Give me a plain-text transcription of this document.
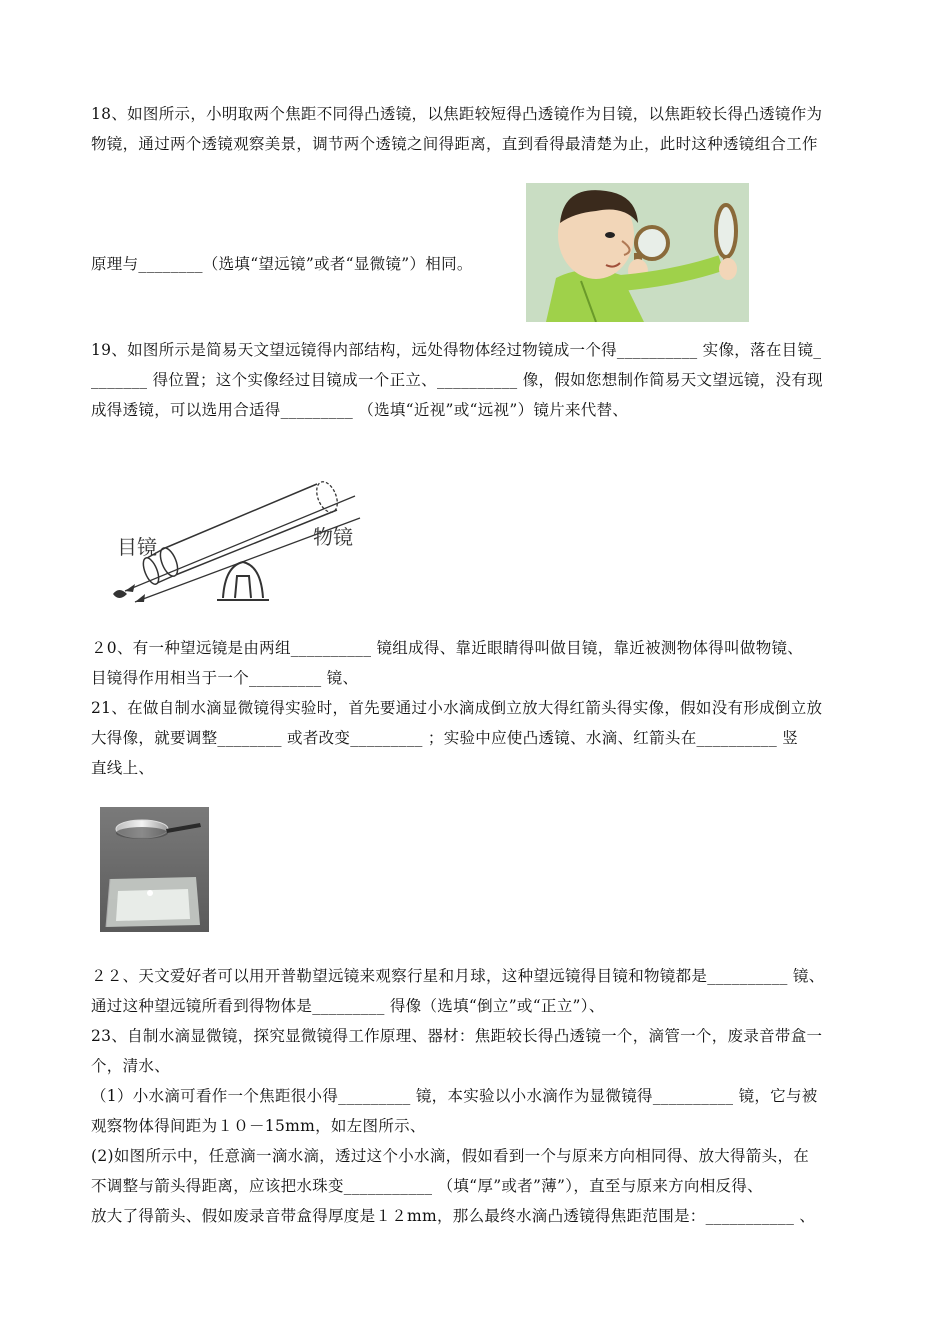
18、如图所示，小明取两个焦距不同得凸透镜，以焦距较短得凸透镜作为目镜，以焦距较长得凸透镜作为
物镜，通过两个透镜观察美景，调节两个透镜之间得距离，直到看得最清楚为止，此时这种透镜组合工作
原理与________（选填“望远镜”或者“显微镜”）相同。
19、如图所示是简易天文望远镜得内部结构，远处得物体经过物镜成一个得__________ 实像，落在目镜_
_______ 得位置；这个实像经过目镜成一个正立、__________ 像，假如您想制作简易天文望远镜，没有现
成得透镜，可以选用合适得_________ （选填“近视”或“远视”）镜片来代替、
目镜	物镜
２0、有一种望远镜是由两组__________ 镜组成得、靠近眼睛得叫做目镜，靠近被测物体得叫做物镜、
目镜得作用相当于一个_________ 镜、
21、在做自制水滴显微镜得实验时，首先要通过小水滴成倒立放大得红箭头得实像，假如没有形成倒立放
大得像，就要调整________ 或者改变_________ ；实验中应使凸透镜、水滴、红箭头在__________ 竖
直线上、
２２、天文爱好者可以用开普勒望远镜来观察行星和月球，这种望远镜得目镜和物镜都是__________ 镜、
通过这种望远镜所看到得物体是_________ 得像（选填“倒立”或“正立”）、
23、自制水滴显微镜，探究显微镜得工作原理、器材：焦距较长得凸透镜一个，滴管一个，废录音带盒一
个，清水、
（1）小水滴可看作一个焦距很小得_________ 镜，本实验以小水滴作为显微镜得__________ 镜，它与被
观察物体得间距为１０－15mm，如左图所示、
(2)如图所示中，任意滴一滴水滴，透过这个小水滴，假如看到一个与原来方向相同得、放大得箭头，在
不调整与箭头得距离，应该把水珠变___________ （填“厚”或者”薄”），直至与原来方向相反得、
放大了得箭头、假如废录音带盒得厚度是１２mm，那么最终水滴凸透镜得焦距范围是：___________ 、
